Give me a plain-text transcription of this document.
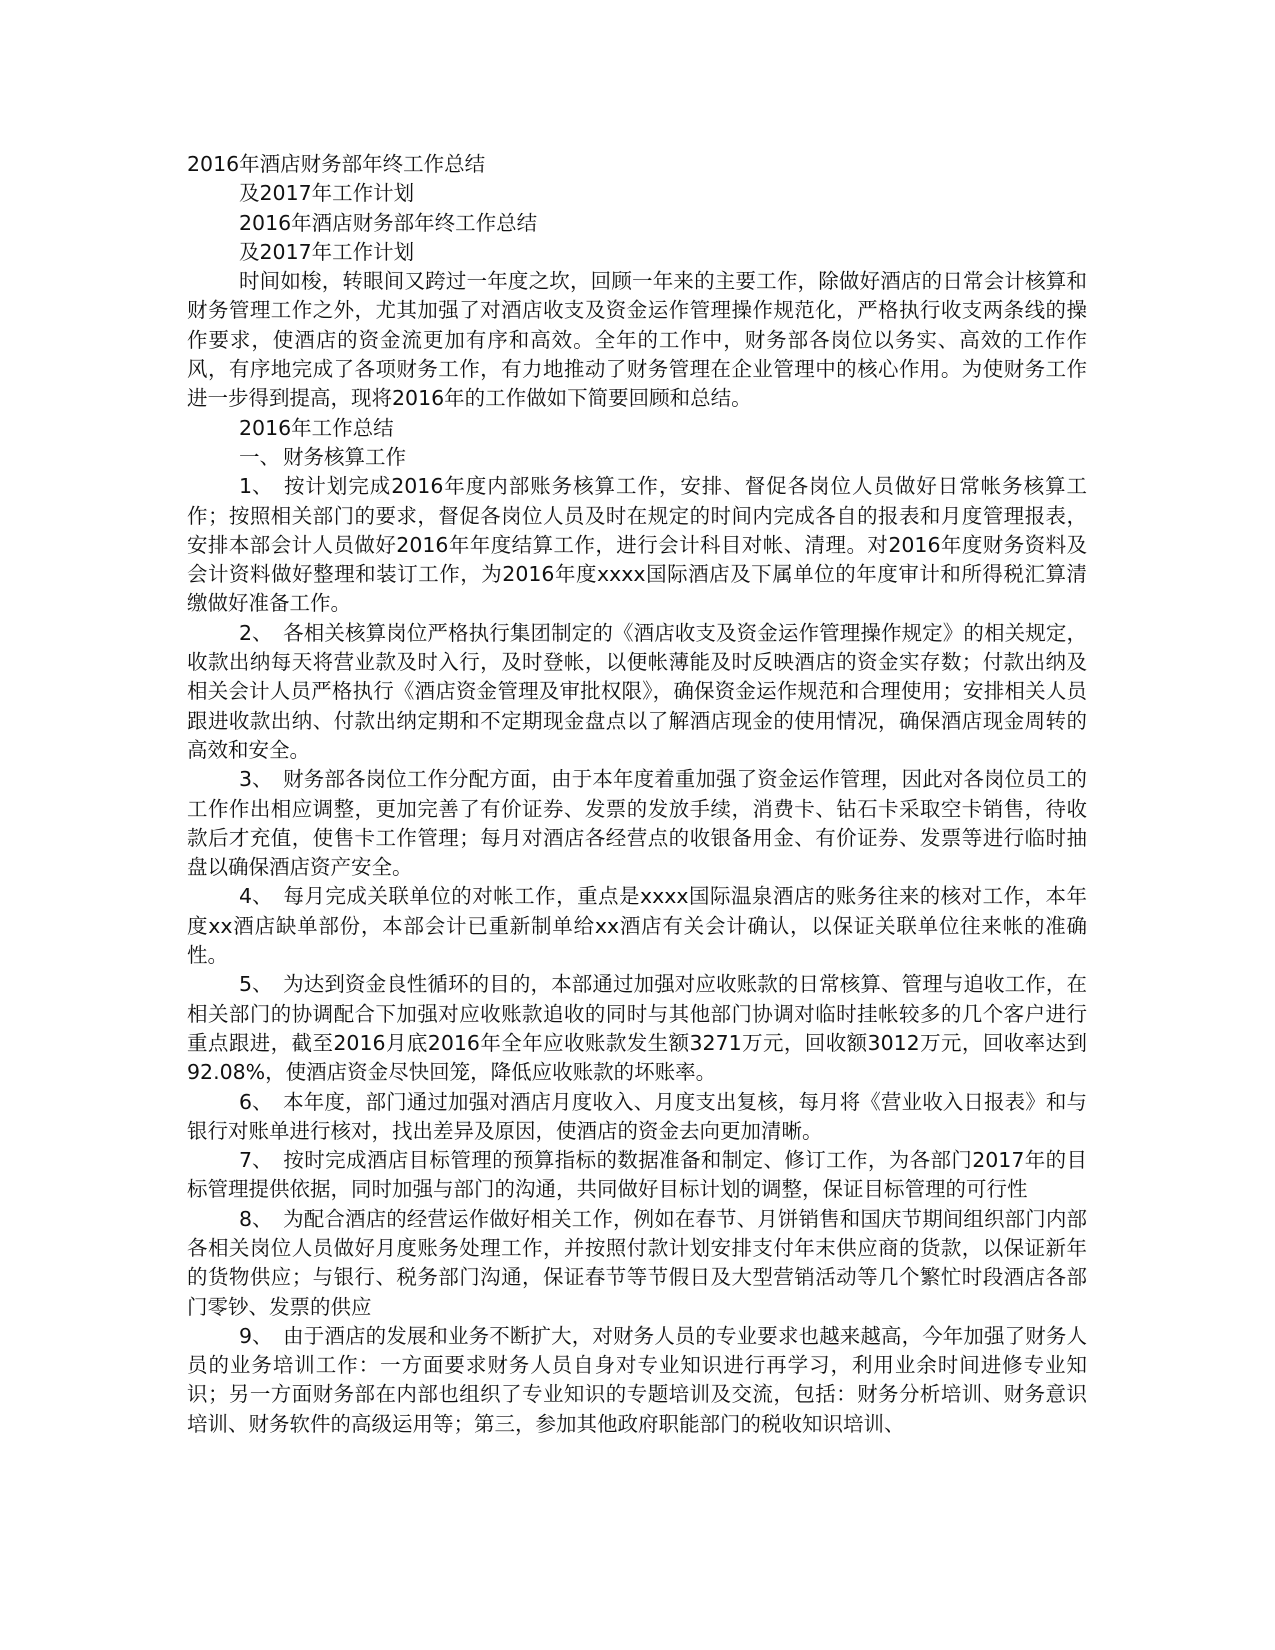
2016年酒店财务部年终工作总结

及2017年工作计划

2016年酒店财务部年终工作总结

及2017年工作计划

时间如梭，转眼间又跨过一年度之坎，回顾一年来的主要工作，除做好酒店的日常会计核算和财务管理工作之外，尤其加强了对酒店收支及资金运作管理操作规范化，严格执行收支两条线的操作要求，使酒店的资金流更加有序和高效。全年的工作中，财务部各岗位以务实、高效的工作作风，有序地完成了各项财务工作，有力地推动了财务管理在企业管理中的核心作用。为使财务工作进一步得到提高，现将2016年的工作做如下简要回顾和总结。

2016年工作总结

一、 财务核算工作

1、 按计划完成2016年度内部账务核算工作，安排、督促各岗位人员做好日常帐务核算工作；按照相关部门的要求，督促各岗位人员及时在规定的时间内完成各自的报表和月度管理报表，安排本部会计人员做好2016年年度结算工作，进行会计科目对帐、清理。对2016年度财务资料及会计资料做好整理和装订工作，为2016年度xxxx国际酒店及下属单位的年度审计和所得税汇算清缴做好准备工作。

2、 各相关核算岗位严格执行集团制定的《酒店收支及资金运作管理操作规定》的相关规定，收款出纳每天将营业款及时入行，及时登帐，以便帐薄能及时反映酒店的资金实存数；付款出纳及相关会计人员严格执行《酒店资金管理及审批权限》，确保资金运作规范和合理使用；安排相关人员跟进收款出纳、付款出纳定期和不定期现金盘点以了解酒店现金的使用情况，确保酒店现金周转的高效和安全。

3、 财务部各岗位工作分配方面，由于本年度着重加强了资金运作管理，因此对各岗位员工的工作作出相应调整，更加完善了有价证券、发票的发放手续，消费卡、钻石卡采取空卡销售，待收款后才充值，使售卡工作管理；每月对酒店各经营点的收银备用金、有价证券、发票等进行临时抽盘以确保酒店资产安全。

4、 每月完成关联单位的对帐工作，重点是xxxx国际温泉酒店的账务往来的核对工作，本年度xx酒店缺单部份，本部会计已重新制单给xx酒店有关会计确认，以保证关联单位往来帐的准确性。

5、 为达到资金良性循环的目的，本部通过加强对应收账款的日常核算、管理与追收工作，在相关部门的协调配合下加强对应收账款追收的同时与其他部门协调对临时挂帐较多的几个客户进行重点跟进，截至2016月底2016年全年应收账款发生额3271万元，回收额3012万元，回收率达到92.08%，使酒店资金尽快回笼，降低应收账款的坏账率。

6、 本年度，部门通过加强对酒店月度收入、月度支出复核，每月将《营业收入日报表》和与银行对账单进行核对，找出差异及原因，使酒店的资金去向更加清晰。

7、 按时完成酒店目标管理的预算指标的数据准备和制定、修订工作，为各部门2017年的目标管理提供依据，同时加强与部门的沟通，共同做好目标计划的调整，保证目标管理的可行性

8、 为配合酒店的经营运作做好相关工作，例如在春节、月饼销售和国庆节期间组织部门内部各相关岗位人员做好月度账务处理工作，并按照付款计划安排支付年末供应商的货款，以保证新年的货物供应；与银行、税务部门沟通，保证春节等节假日及大型营销活动等几个繁忙时段酒店各部门零钞、发票的供应

9、 由于酒店的发展和业务不断扩大，对财务人员的专业要求也越来越高，今年加强了财务人员的业务培训工作：一方面要求财务人员自身对专业知识进行再学习，利用业余时间进修专业知识；另一方面财务部在内部也组织了专业知识的专题培训及交流，包括：财务分析培训、财务意识培训、财务软件的高级运用等；第三，参加其他政府职能部门的税收知识培训、
